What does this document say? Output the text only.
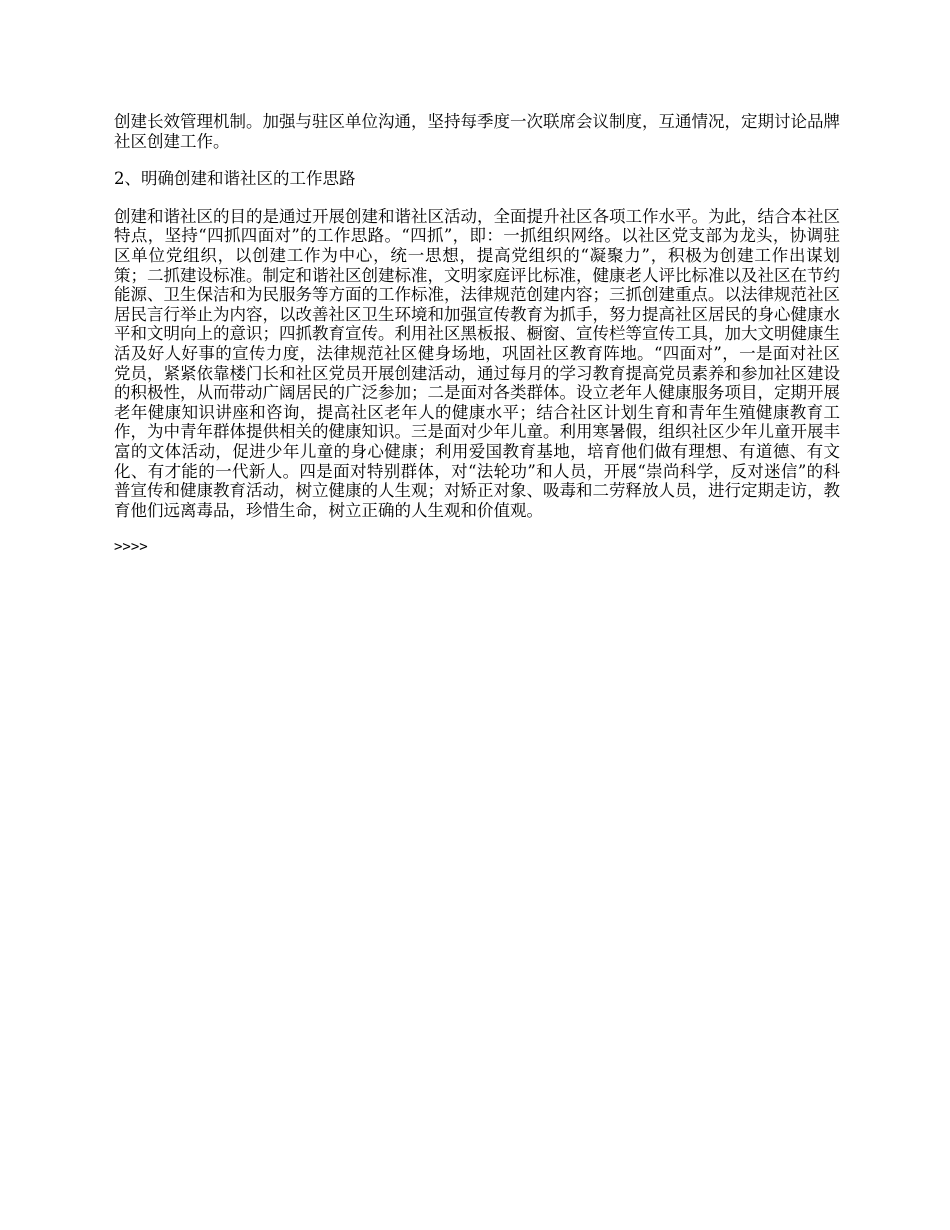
创建长效管理机制。加强与驻区单位沟通，坚持每季度一次联席会议制度，互通情况，定期讨论品牌社区创建工作。

2、明确创建和谐社区的工作思路

创建和谐社区的目的是通过开展创建和谐社区活动，全面提升社区各项工作水平。为此，结合本社区特点，坚持“四抓四面对”的工作思路。“四抓”，即：一抓组织网络。以社区党支部为龙头，协调驻区单位党组织，以创建工作为中心，统一思想，提高党组织的“凝聚力”，积极为创建工作出谋划策；二抓建设标准。制定和谐社区创建标准，文明家庭评比标准，健康老人评比标准以及社区在节约能源、卫生保洁和为民服务等方面的工作标准，法律规范创建内容；三抓创建重点。以法律规范社区居民言行举止为内容，以改善社区卫生环境和加强宣传教育为抓手，努力提高社区居民的身心健康水平和文明向上的意识；四抓教育宣传。利用社区黑板报、橱窗、宣传栏等宣传工具，加大文明健康生活及好人好事的宣传力度，法律规范社区健身场地，巩固社区教育阵地。“四面对”，一是面对社区党员，紧紧依靠楼门长和社区党员开展创建活动，通过每月的学习教育提高党员素养和参加社区建设的积极性，从而带动广阔居民的广泛参加；二是面对各类群体。设立老年人健康服务项目，定期开展老年健康知识讲座和咨询，提高社区老年人的健康水平；结合社区计划生育和青年生殖健康教育工作，为中青年群体提供相关的健康知识。三是面对少年儿童。利用寒暑假，组织社区少年儿童开展丰富的文体活动，促进少年儿童的身心健康；利用爱国教育基地，培育他们做有理想、有道德、有文化、有才能的一代新人。四是面对特别群体，对“法轮功”和人员，开展“崇尚科学，反对迷信”的科普宣传和健康教育活动，树立健康的人生观；对矫正对象、吸毒和二劳释放人员，进行定期走访，教育他们远离毒品，珍惜生命，树立正确的人生观和价值观。

>>>>
